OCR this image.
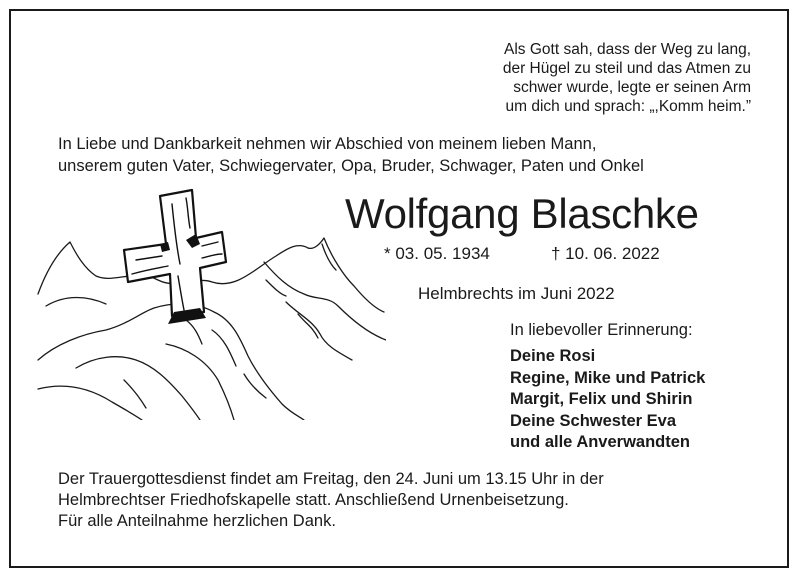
Als Gott sah, dass der Weg zu lang,
der Hügel zu steil und das Atmen zu
schwer wurde, legte er seinen Arm
um dich und sprach: „,Komm heim.”
In Liebe und Dankbarkeit nehmen wir Abschied von meinem lieben Mann,
unserem guten Vater, Schwiegervater, Opa, Bruder, Schwager, Paten und Onkel
Wolfgang Blaschke
* 03. 05. 1934	† 10. 06. 2022
Helmbrechts im Juni 2022
In liebevoller Erinnerung:
Deine Rosi
Regine, Mike und Patrick
Margit, Felix und Shirin
Deine Schwester Eva
und alle Anverwandten

Der Trauergottesdienst findet am Freitag, den 24. Juni um 13.15 Uhr in der

Helmbrechtser Friedhofskapelle statt. Anschließend Urnenbeisetzung.

Für alle Anteilnahme herzlichen Dank.
